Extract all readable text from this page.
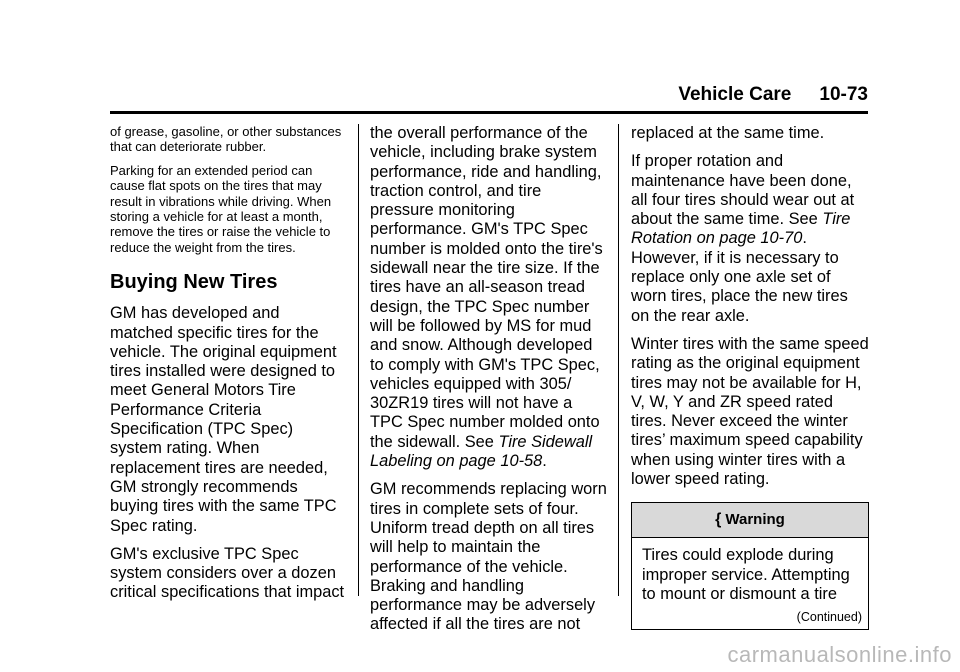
Vehicle Care 10-73

of grease, gasoline, or other substances that can deteriorate rubber.

Parking for an extended period can cause flat spots on the tires that may result in vibrations while driving. When storing a vehicle for at least a month, remove the tires or raise the vehicle to reduce the weight from the tires.

Buying New Tires

GM has developed and matched specific tires for the vehicle. The original equipment tires installed were designed to meet General Motors Tire Performance Criteria Specification (TPC Spec) system rating. When replacement tires are needed, GM strongly recommends buying tires with the same TPC Spec rating.

GM's exclusive TPC Spec system considers over a dozen critical specifications that impact

the overall performance of the vehicle, including brake system performance, ride and handling, traction control, and tire pressure monitoring performance. GM's TPC Spec number is molded onto the tire's sidewall near the tire size. If the tires have an all-season tread design, the TPC Spec number will be followed by MS for mud and snow. Although developed to comply with GM's TPC Spec, vehicles equipped with 305/ 30ZR19 tires will not have a TPC Spec number molded onto the sidewall. See Tire Sidewall Labeling on page 10-58.

GM recommends replacing worn tires in complete sets of four. Uniform tread depth on all tires will help to maintain the performance of the vehicle. Braking and handling performance may be adversely affected if all the tires are not

replaced at the same time.

If proper rotation and maintenance have been done, all four tires should wear out at about the same time. See Tire Rotation on page 10-70. However, if it is necessary to replace only one axle set of worn tires, place the new tires on the rear axle.

Winter tires with the same speed rating as the original equipment tires may not be available for H, V, W, Y and ZR speed rated tires. Never exceed the winter tires’ maximum speed capability when using winter tires with a lower speed rating.

{ Warning
Tires could explode during improper service. Attempting to mount or dismount a tire
(Continued)
carmanualsonline.info
